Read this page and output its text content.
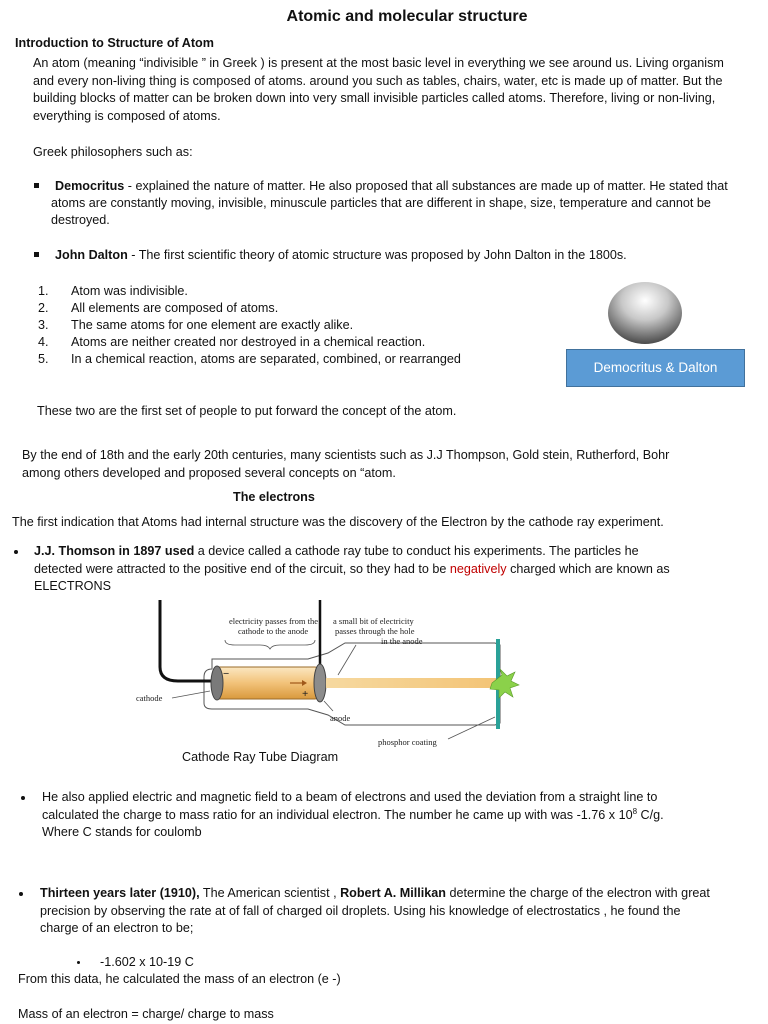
Atomic and molecular structure
Introduction to Structure of Atom
An atom (meaning “indivisible ” in Greek ) is present at the most basic level in everything we see around us. Living organism
and every non-living thing is composed of atoms. around you such as tables, chairs, water, etc is made up of matter. But the
building blocks of matter can be broken down into very small invisible particles called atoms. Therefore, living or non-living,
everything is composed of atoms.
Greek philosophers such as:
Democritus - explained the nature of matter. He also proposed that all substances are made up of matter. He stated that
atoms are constantly moving, invisible, minuscule particles that are different in shape, size, temperature and cannot be
destroyed.
John Dalton - The first scientific theory of atomic structure was proposed by John Dalton in the 1800s.
1. Atom was indivisible.
2. All elements are composed of atoms.
3. The same atoms for one element are exactly alike.
4. Atoms are neither created nor destroyed in a chemical reaction.
5. In a chemical reaction, atoms are separated, combined, or rearranged
Democritus & Dalton
These two are the first set of people to put forward the concept of the atom.
By the end of 18th and the early 20th centuries, many scientists such as J.J Thompson, Gold stein, Rutherford, Bohr
among others developed and proposed several concepts on “atom.
The electrons
The first indication that Atoms had internal structure was the discovery of the Electron by the cathode ray experiment.
J.J. Thomson in 1897 used a device called a cathode ray tube to conduct his experiments. The particles he
detected were attracted to the positive end of the circuit, so they had to be negatively charged which are known as
ELECTRONS
electricity passes from the
cathode to the anode
a small bit of electricity
passes through the hole
in the anode
cathode
anode
phosphor coating
−
+
Cathode Ray Tube Diagram
He also applied electric and magnetic field to a beam of electrons and used the deviation from a straight line to
calculated the charge to mass ratio for an individual electron. The number he came up with was -1.76 x $10^8$ C/g.
Where C stands for coulomb
Thirteen years later (1910), The American scientist , Robert A. Millikan determine the charge of the electron with great
precision by observing the rate at of fall of charged oil droplets. Using his knowledge of electrostatics , he found the
charge of an electron to be;
-1.602 x 10-19 C
From this data, he calculated the mass of an electron (e -)
Mass of an electron = charge/ charge to mass
